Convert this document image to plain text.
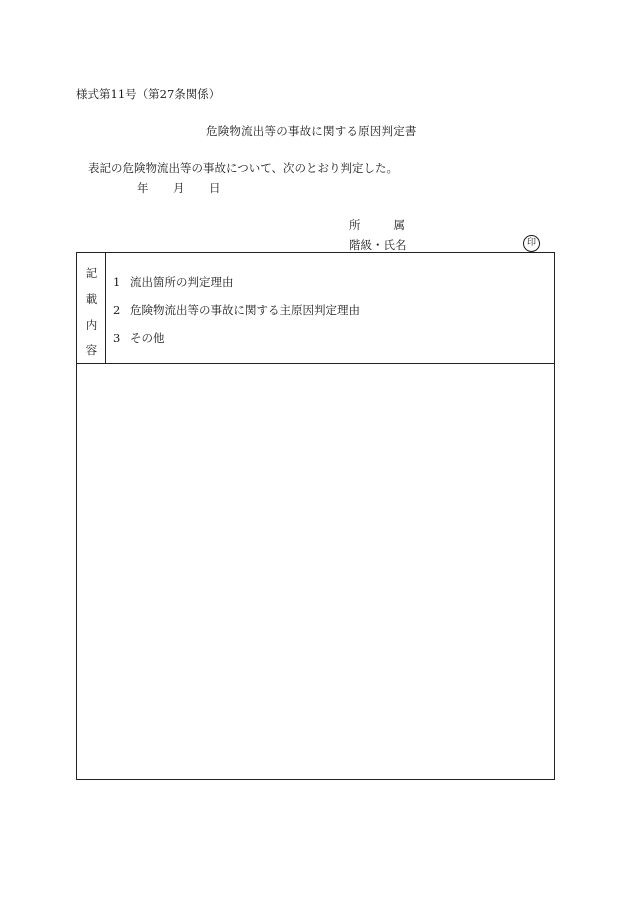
様式第11号（第27条関係）
危険物流出等の事故に関する原因判定書
表記の危険物流出等の事故について、次のとおり判定した。
年 月 日
所	属
階級・氏名	印
記
載
内
容
1 流出箇所の判定理由
2 危険物流出等の事故に関する主原因判定理由
3 その他
